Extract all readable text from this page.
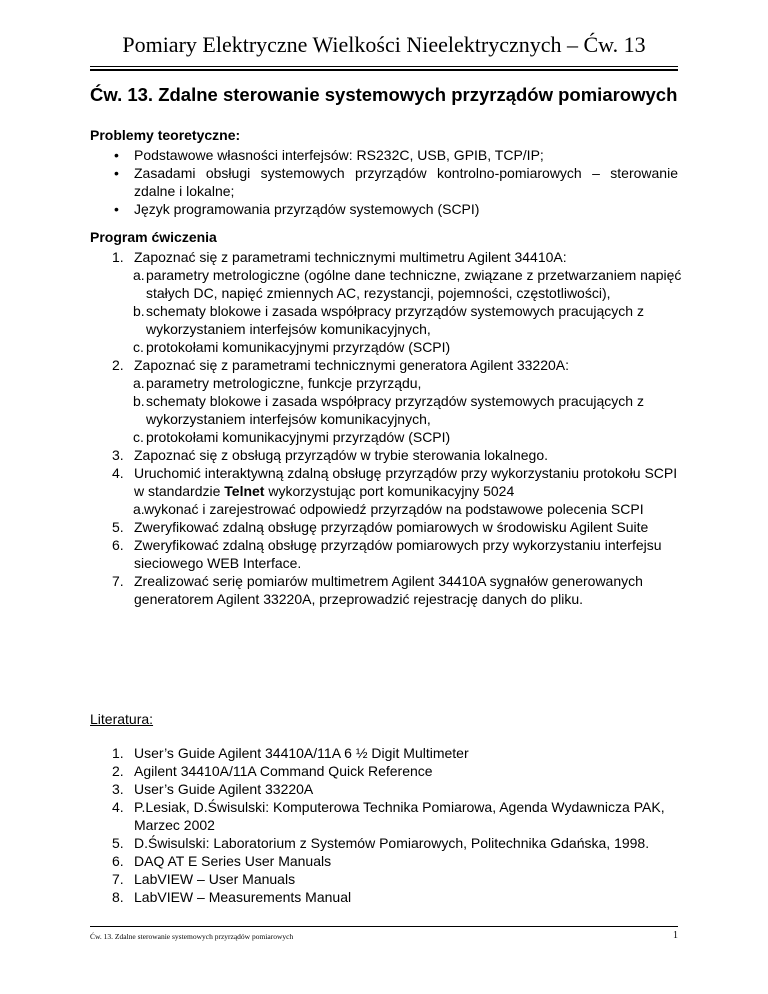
Pomiary Elektryczne Wielkości Nieelektrycznych – Ćw. 13
Ćw. 13. Zdalne sterowanie systemowych przyrządów pomiarowych
Problemy teoretyczne:
• Podstawowe własności interfejsów: RS232C, USB, GPIB, TCP/IP;
• Zasadami obsługi systemowych przyrządów kontrolno-pomiarowych – sterowanie zdalne i lokalne;
• Język programowania przyrządów systemowych (SCPI)
Program ćwiczenia
1. Zapoznać się z parametrami technicznymi multimetru Agilent 34410A:
a. parametry metrologiczne (ogólne dane techniczne, związane z przetwarzaniem napięć stałych DC, napięć zmiennych AC, rezystancji, pojemności, częstotliwości),
b. schematy blokowe i zasada współpracy przyrządów systemowych pracujących z wykorzystaniem interfejsów komunikacyjnych,
c. protokołami komunikacyjnymi przyrządów (SCPI)
2. Zapoznać się z parametrami technicznymi generatora Agilent 33220A:
a. parametry metrologiczne, funkcje przyrządu,
b. schematy blokowe i zasada współpracy przyrządów systemowych pracujących z wykorzystaniem interfejsów komunikacyjnych,
c. protokołami komunikacyjnymi przyrządów (SCPI)
3. Zapoznać się z obsługą przyrządów w trybie sterowania lokalnego.
4. Uruchomić interaktywną zdalną obsługę przyrządów przy wykorzystaniu protokołu SCPI w standardzie Telnet wykorzystując port komunikacyjny 5024
a. wykonać i zarejestrować odpowiedź przyrządów na podstawowe polecenia SCPI
5. Zweryfikować zdalną obsługę przyrządów pomiarowych w środowisku Agilent Suite
6. Zweryfikować zdalną obsługę przyrządów pomiarowych przy wykorzystaniu interfejsu sieciowego WEB Interface.
7. Zrealizować serię pomiarów multimetrem Agilent 34410A sygnałów generowanych generatorem Agilent 33220A, przeprowadzić rejestrację danych do pliku.
Literatura:
1. User’s Guide Agilent 34410A/11A 6 ½ Digit Multimeter
2. Agilent 34410A/11A Command Quick Reference
3. User’s Guide Agilent 33220A
4. P.Lesiak, D.Świsulski: Komputerowa Technika Pomiarowa, Agenda Wydawnicza PAK, Marzec 2002
5. D.Świsulski: Laboratorium z Systemów Pomiarowych, Politechnika Gdańska, 1998.
6. DAQ AT E Series User Manuals
7. LabVIEW – User Manuals
8. LabVIEW – Measurements Manual
Ćw. 13. Zdalne sterowanie systemowych przyrządów pomiarowych	1
